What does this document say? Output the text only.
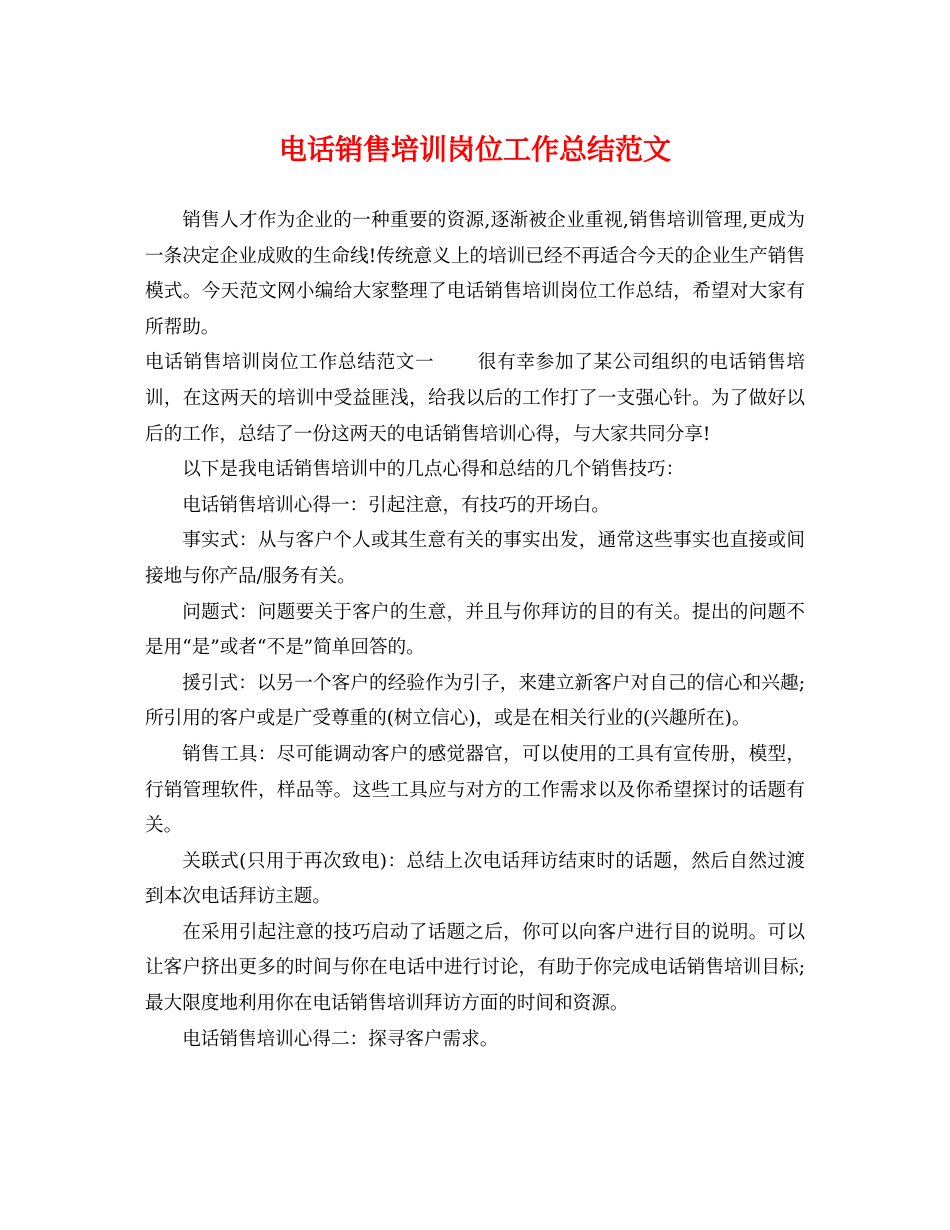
电话销售培训岗位工作总结范文

销售人才作为企业的一种重要的资源,逐渐被企业重视,销售培训管理,更成为一条决定企业成败的生命线!传统意义上的培训已经不再适合今天的企业生产销售模式。今天范文网小编给大家整理了电话销售培训岗位工作总结，希望对大家有所帮助。

电话销售培训岗位工作总结范文一 很有幸参加了某公司组织的电话销售培训，在这两天的培训中受益匪浅，给我以后的工作打了一支强心针。为了做好以后的工作，总结了一份这两天的电话销售培训心得，与大家共同分享!

以下是我电话销售培训中的几点心得和总结的几个销售技巧：

电话销售培训心得一：引起注意，有技巧的开场白。

事实式：从与客户个人或其生意有关的事实出发，通常这些事实也直接或间接地与你产品/服务有关。

问题式：问题要关于客户的生意，并且与你拜访的目的有关。提出的问题不是用“是”或者“不是”简单回答的。

援引式：以另一个客户的经验作为引子，来建立新客户对自己的信心和兴趣;所引用的客户或是广受尊重的(树立信心)，或是在相关行业的(兴趣所在)。

销售工具：尽可能调动客户的感觉器官，可以使用的工具有宣传册，模型，行销管理软件，样品等。这些工具应与对方的工作需求以及你希望探讨的话题有关。

关联式(只用于再次致电)：总结上次电话拜访结束时的话题，然后自然过渡到本次电话拜访主题。

在采用引起注意的技巧启动了话题之后，你可以向客户进行目的说明。可以让客户挤出更多的时间与你在电话中进行讨论，有助于你完成电话销售培训目标;最大限度地利用你在电话销售培训拜访方面的时间和资源。

电话销售培训心得二：探寻客户需求。
